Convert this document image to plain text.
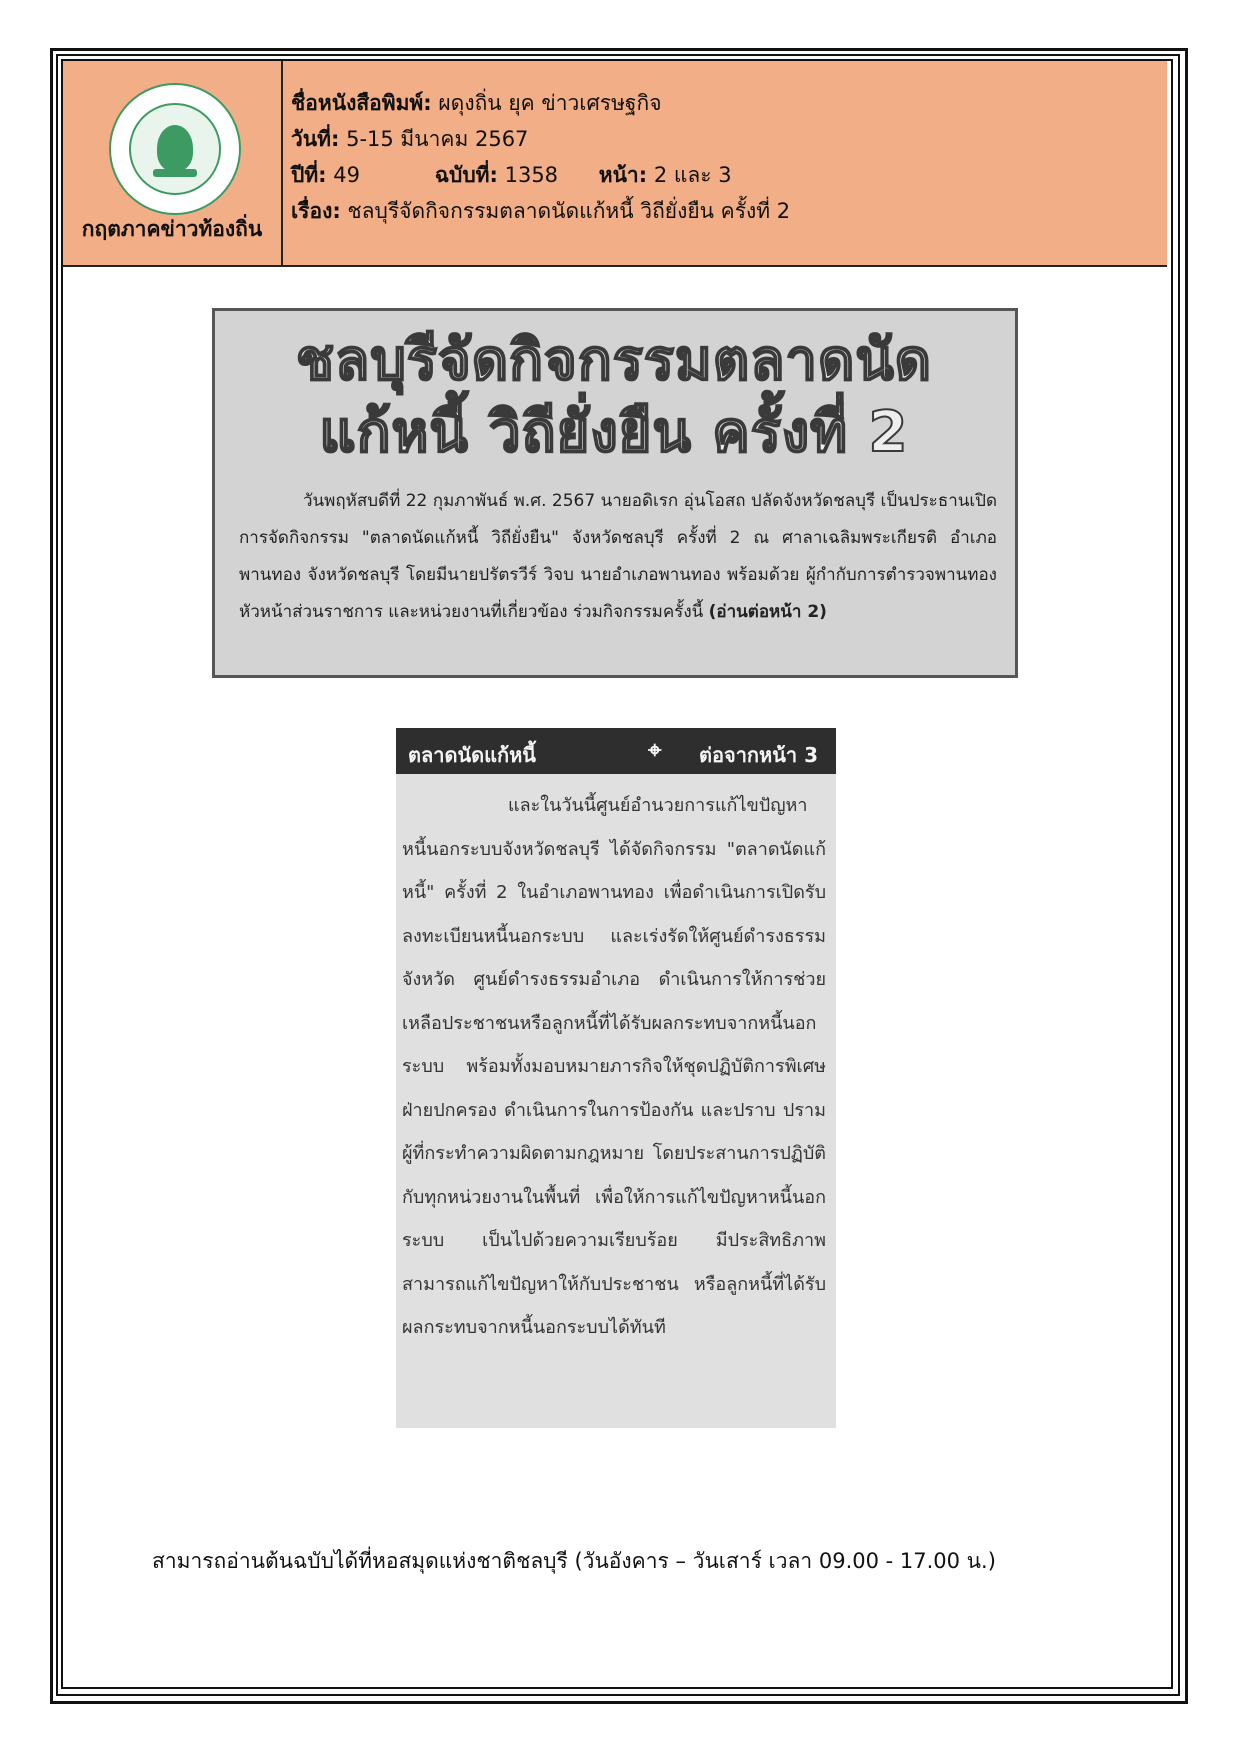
กฤตภาคข่าวท้องถิ่น
ชื่อหนังสือพิมพ์: ผดุงถิ่น ยุค ข่าวเศรษฐกิจ
วันที่: 5-15 มีนาคม 2567
ปีที่: 49	ฉบับที่: 1358 หน้า: 2 และ 3
เรื่อง: ชลบุรีจัดกิจกรรมตลาดนัดแก้หนี้ วิถียั่งยืน ครั้งที่ 2
ชลบุรีจัดกิจกรรมตลาดนัด
แก้หนี้ วิถียั่งยืน ครั้งที่ 2

วันพฤหัสบดีที่ 22 กุมภาพันธ์ พ.ศ. 2567 นายอดิเรก อุ่นโอสถ ปลัดจังหวัดชลบุรี เป็นประธานเปิดการจัดกิจกรรม "ตลาดนัดแก้หนี้ วิถียั่งยืน" จังหวัดชลบุรี ครั้งที่ 2 ณ ศาลาเฉลิมพระเกียรติ อำเภอพานทอง จังหวัดชลบุรี โดยมีนายปรัตรวีร์ วิจบ นายอำเภอพานทอง พร้อมด้วย ผู้กำกับการตำรวจพานทอง หัวหน้าส่วนราชการ และหน่วยงานที่เกี่ยวข้อง ร่วมกิจกรรมครั้งนี้ (อ่านต่อหน้า 2)

ตลาดนัดแก้หนี้	⌖ ต่อจากหน้า 3

และในวันนี้ศูนย์อำนวยการแก้ไขปัญหาหนี้นอกระบบจังหวัดชลบุรี ได้จัดกิจกรรม "ตลาดนัดแก้หนี้" ครั้งที่ 2 ในอำเภอพานทอง เพื่อดำเนินการเปิดรับลงทะเบียนหนี้นอกระบบ และเร่งรัดให้ศูนย์ดำรงธรรมจังหวัด ศูนย์ดำรงธรรมอำเภอ ดำเนินการให้การช่วยเหลือประชาชนหรือลูกหนี้ที่ได้รับผลกระทบจากหนี้นอกระบบ พร้อมทั้งมอบหมายภารกิจให้ชุดปฏิบัติการพิเศษฝ่ายปกครอง ดำเนินการในการป้องกัน และปราบ ปรามผู้ที่กระทำความผิดตามกฎหมาย โดยประสานการปฏิบัติกับทุกหน่วยงานในพื้นที่ เพื่อให้การแก้ไขปัญหาหนี้นอกระบบ เป็นไปด้วยความเรียบร้อย มีประสิทธิภาพ สามารถแก้ไขปัญหาให้กับประชาชน หรือลูกหนี้ที่ได้รับผลกระทบจากหนี้นอกระบบได้ทันที

สามารถอ่านต้นฉบับได้ที่หอสมุดแห่งชาติชลบุรี (วันอังคาร – วันเสาร์ เวลา 09.00 - 17.00 น.)
